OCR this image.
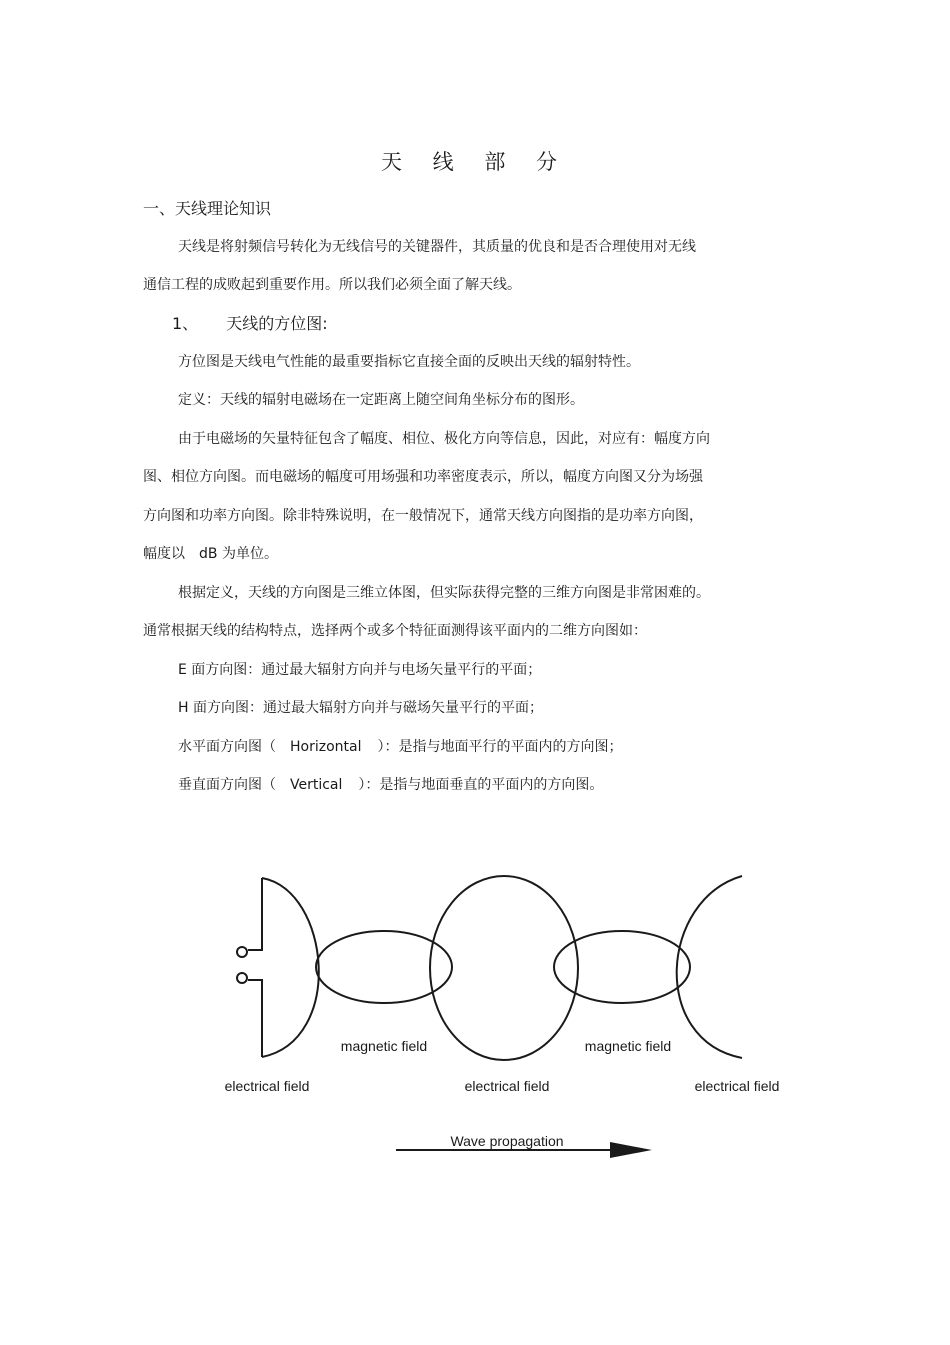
天 线 部 分
一、天线理论知识
天线是将射频信号转化为无线信号的关键器件，其质量的优良和是否合理使用对无线
通信工程的成败起到重要作用。所以我们必须全面了解天线。
1、 天线的方位图:
方位图是天线电气性能的最重要指标它直接全面的反映出天线的辐射特性。
定义：天线的辐射电磁场在一定距离上随空间角坐标分布的图形。
由于电磁场的矢量特征包含了幅度、相位、极化方向等信息，因此，对应有：幅度方向
图、相位方向图。而电磁场的幅度可用场强和功率密度表示，所以，幅度方向图又分为场强
方向图和功率方向图。除非特殊说明，在一般情况下，通常天线方向图指的是功率方向图，
幅度以 dB 为单位。
根据定义，天线的方向图是三维立体图，但实际获得完整的三维方向图是非常困难的。
通常根据天线的结构特点，选择两个或多个特征面测得该平面内的二维方向图如：
E 面方向图：通过最大辐射方向并与电场矢量平行的平面；
H 面方向图：通过最大辐射方向并与磁场矢量平行的平面；
水平面方向图（ Horizontal ）：是指与地面平行的平面内的方向图；
垂直面方向图（ Vertical ）：是指与地面垂直的平面内的方向图。
electrical field	electrical field	electrical field
magnetic field	magnetic field
Wave propagation
